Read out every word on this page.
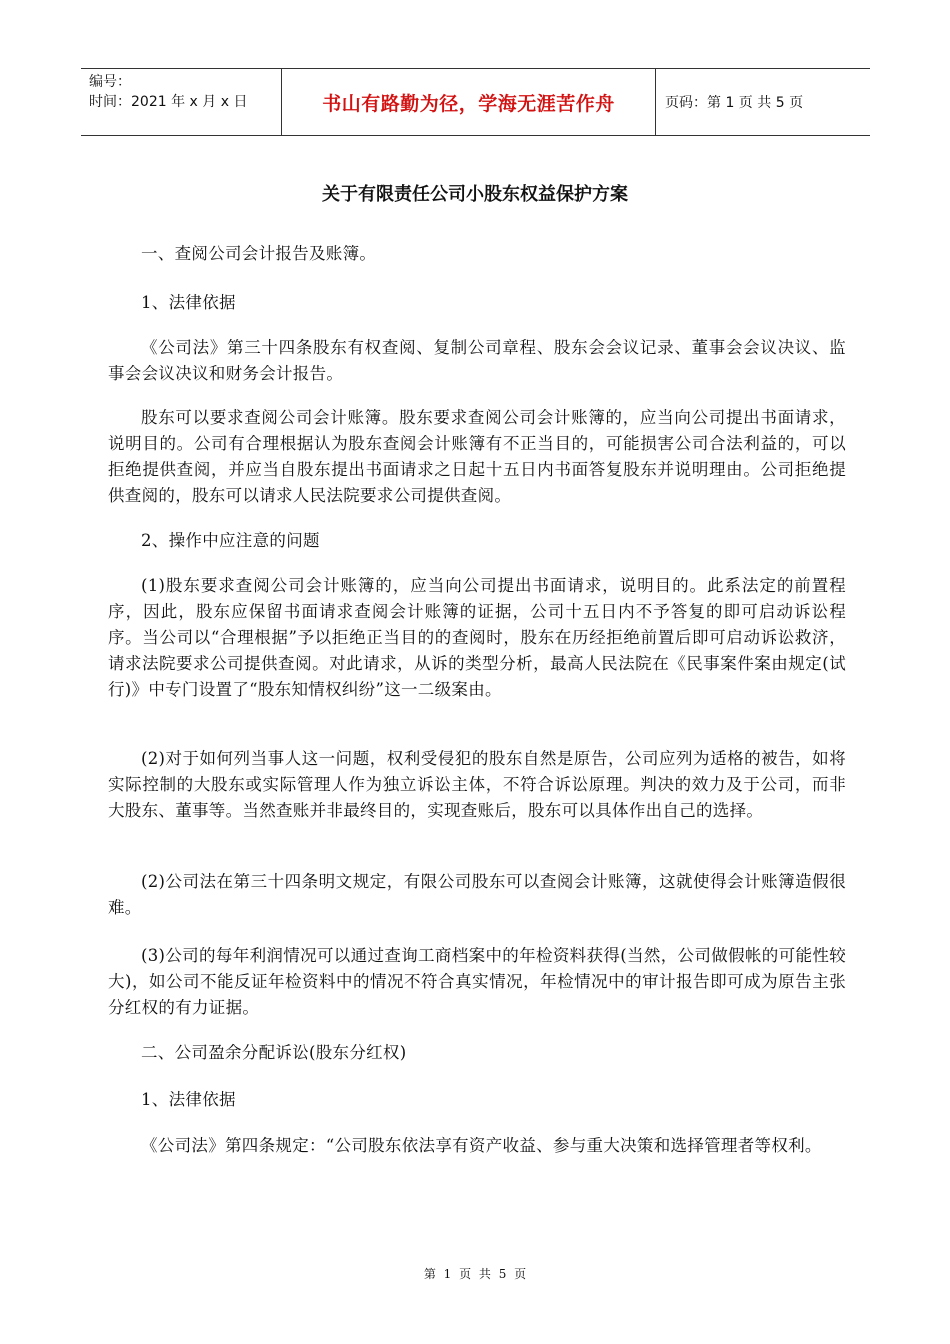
编号：
时间：2021 年 x 月 x 日	书山有路勤为径，学海无涯苦作舟	页码：第 1 页 共 5 页
关于有限责任公司小股东权益保护方案
一、查阅公司会计报告及账簿。
1、法律依据
《公司法》第三十四条股东有权查阅、复制公司章程、股东会会议记录、董事会会议决议、监事会会议决议和财务会计报告。
股东可以要求查阅公司会计账簿。股东要求查阅公司会计账簿的，应当向公司提出书面请求，说明目的。公司有合理根据认为股东查阅会计账簿有不正当目的，可能损害公司合法利益的，可以拒绝提供查阅，并应当自股东提出书面请求之日起十五日内书面答复股东并说明理由。公司拒绝提供查阅的，股东可以请求人民法院要求公司提供查阅。
2、操作中应注意的问题
(1)股东要求查阅公司会计账簿的，应当向公司提出书面请求，说明目的。此系法定的前置程序，因此，股东应保留书面请求查阅会计账簿的证据，公司十五日内不予答复的即可启动诉讼程序。当公司以“合理根据”予以拒绝正当目的的查阅时，股东在历经拒绝前置后即可启动诉讼救济，请求法院要求公司提供查阅。对此请求，从诉的类型分析，最高人民法院在《民事案件案由规定(试行)》中专门设置了“股东知情权纠纷”这一二级案由。
(2)对于如何列当事人这一问题，权利受侵犯的股东自然是原告，公司应列为适格的被告，如将实际控制的大股东或实际管理人作为独立诉讼主体，不符合诉讼原理。判决的效力及于公司，而非大股东、董事等。当然查账并非最终目的，实现查账后，股东可以具体作出自己的选择。
(2)公司法在第三十四条明文规定，有限公司股东可以查阅会计账簿，这就使得会计账簿造假很难。
(3)公司的每年利润情况可以通过查询工商档案中的年检资料获得(当然，公司做假帐的可能性较大)，如公司不能反证年检资料中的情况不符合真实情况，年检情况中的审计报告即可成为原告主张分红权的有力证据。
二、公司盈余分配诉讼(股东分红权)
1、法律依据
《公司法》第四条规定：“公司股东依法享有资产收益、参与重大决策和选择管理者等权利。
第 1 页 共 5 页
